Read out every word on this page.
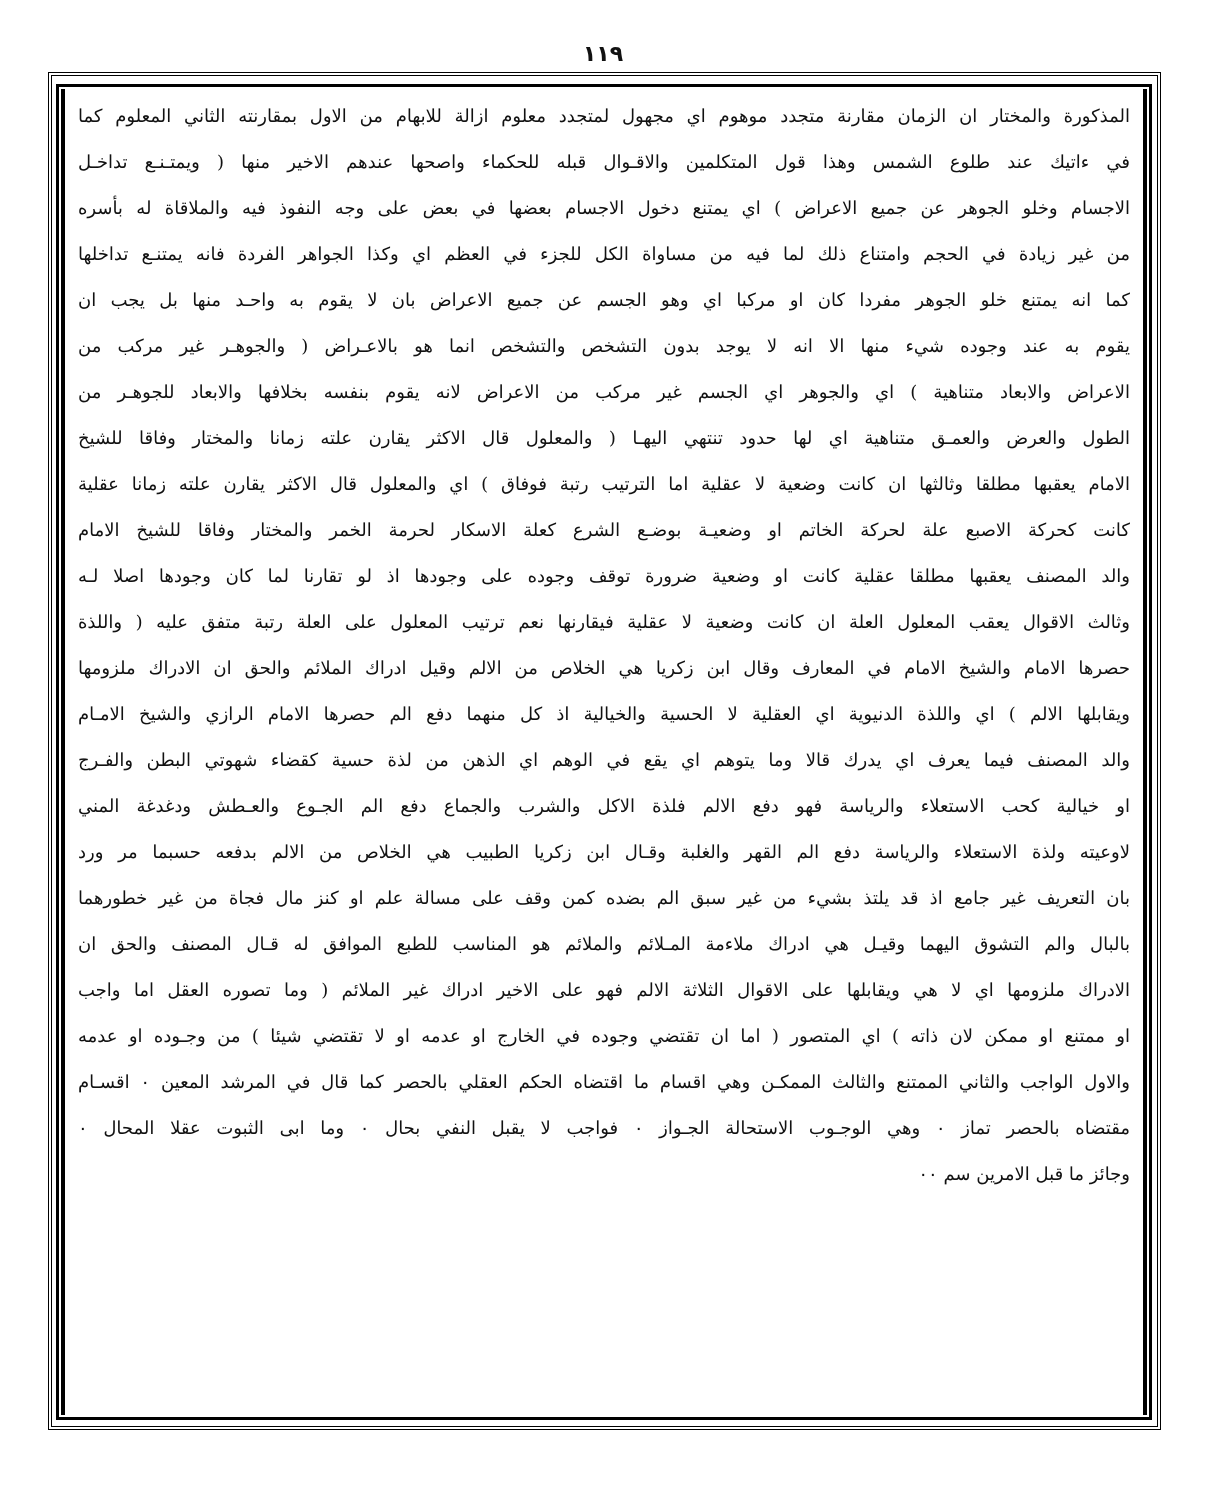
١١٩
المذكورة والمختار ان الزمان مقارنة متجدد موهوم اي مجهول لمتجدد معلوم ازالة للابهام من الاول بمقارنته الثاني المعلوم كما
في ءاتيك عند طلوع الشمس وهذا قول المتكلمين والاقـوال قبله للحكماء واصحها عندهم الاخير منها ( ويمتـنـع تداخـل
الاجسام وخلو الجوهر عن جميع الاعراض ) اي يمتنع دخول الاجسام بعضها في بعض على وجه النفوذ فيه والملاقاة له بأسره
من غير زيادة في الحجم وامتناع ذلك لما فيه من مساواة الكل للجزء في العظم اي وكذا الجواهر الفردة فانه يمتنـع تداخلها
كما انه يمتنع خلو الجوهر مفردا كان او مركبا اي وهو الجسم عن جميع الاعراض بان لا يقوم به واحـد منها بل يجب ان
يقوم به عند وجوده شيء منها الا انه لا يوجد بدون التشخص والتشخص انما هو بالاعـراض ( والجوهـر غير مركب من
الاعراض والابعاد متناهية ) اي والجوهر اي الجسم غير مركب من الاعراض لانه يقوم بنفسه بخلافها والابعاد للجوهـر من
الطول والعرض والعمـق متناهية اي لها حدود تنتهي اليهـا ( والمعلول قال الاكثر يقارن علته زمانا والمختار وفاقا للشيخ
الامام يعقبها مطلقا وثالثها ان كانت وضعية لا عقلية اما الترتيب رتبة فوفاق ) اي والمعلول قال الاكثر يقارن علته زمانا عقلية
كانت كحركة الاصبع علة لحركة الخاتم او وضعيـة بوضـع الشرع كعلة الاسكار لحرمة الخمر والمختار وفاقا للشيخ الامام
والد المصنف يعقبها مطلقا عقلية كانت او وضعية ضرورة توقف وجوده على وجودها اذ لو تقارنا لما كان وجودها اصلا لـه
وثالث الاقوال يعقب المعلول العلة ان كانت وضعية لا عقلية فيقارنها نعم ترتيب المعلول على العلة رتبة متفق عليه ( واللذة
حصرها الامام والشيخ الامام في المعارف وقال ابن زكريا هي الخلاص من الالم وقيل ادراك الملائم والحق ان الادراك ملزومها
ويقابلها الالم ) اي واللذة الدنيوية اي العقلية لا الحسية والخيالية اذ كل منهما دفع الم حصرها الامام الرازي والشيخ الامـام
والد المصنف فيما يعرف اي يدرك قالا وما يتوهم اي يقع في الوهم اي الذهن من لذة حسية كقضاء شهوتي البطن والفـرج
او خيالية كحب الاستعلاء والرياسة فهو دفع الالم فلذة الاكل والشرب والجماع دفع الم الجـوع والعـطش ودغدغة المني
لاوعيته ولذة الاستعلاء والرياسة دفع الم القهر والغلبة وقـال ابن زكريا الطبيب هي الخلاص من الالم بدفعه حسبما مر ورد
بان التعريف غير جامع اذ قد يلتذ بشيء من غير سبق الم بضده كمن وقف على مسالة علم او كنز مال فجاة من غير خطورهما
بالبال والم التشوق اليهما وقيـل هي ادراك ملاءمة المـلائم والملائم هو المناسب للطبع الموافق له قـال المصنف والحق ان
الادراك ملزومها اي لا هي ويقابلها على الاقوال الثلاثة الالم فهو على الاخير ادراك غير الملائم ( وما تصوره العقل اما واجب
او ممتنع او ممكن لان ذاته ) اي المتصور ( اما ان تقتضي وجوده في الخارج او عدمه او لا تقتضي شيئا ) من وجـوده او عدمه
والاول الواجب والثاني الممتنع والثالث الممكـن وهي اقسام ما اقتضاه الحكم العقلي بالحصر كما قال في المرشد المعين ٠ اقسـام
مقتضاه بالحصر تماز ٠ وهي الوجـوب الاستحالة الجـواز ٠ فواجب لا يقبل النفي بحال ٠ وما ابى الثبوت عقلا المحال ٠
وجائز ما قبل الامرين سم ٠٠
